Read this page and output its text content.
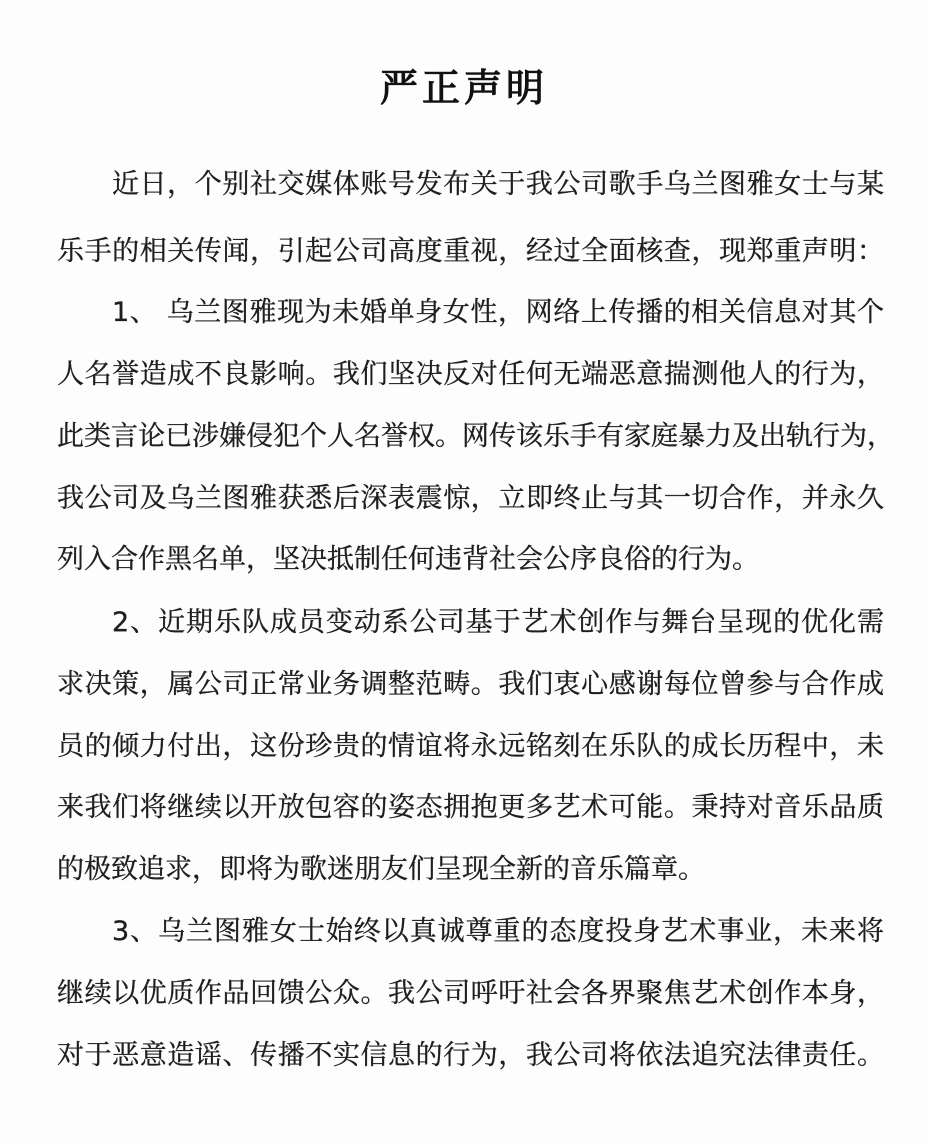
严正声明
近日，个别社交媒体账号发布关于我公司歌手乌兰图雅女士与某
乐手的相关传闻，引起公司高度重视，经过全面核查，现郑重声明：
1、 乌兰图雅现为未婚单身女性，网络上传播的相关信息对其个
人名誉造成不良影响。我们坚决反对任何无端恶意揣测他人的行为，
此类言论已涉嫌侵犯个人名誉权。网传该乐手有家庭暴力及出轨行为，
我公司及乌兰图雅获悉后深表震惊，立即终止与其一切合作，并永久
列入合作黑名单，坚决抵制任何违背社会公序良俗的行为。
2、近期乐队成员变动系公司基于艺术创作与舞台呈现的优化需
求决策，属公司正常业务调整范畴。我们衷心感谢每位曾参与合作成
员的倾力付出，这份珍贵的情谊将永远铭刻在乐队的成长历程中，未
来我们将继续以开放包容的姿态拥抱更多艺术可能。秉持对音乐品质
的极致追求，即将为歌迷朋友们呈现全新的音乐篇章。
3、乌兰图雅女士始终以真诚尊重的态度投身艺术事业，未来将
继续以优质作品回馈公众。我公司呼吁社会各界聚焦艺术创作本身，
对于恶意造谣、传播不实信息的行为，我公司将依法追究法律责任。
